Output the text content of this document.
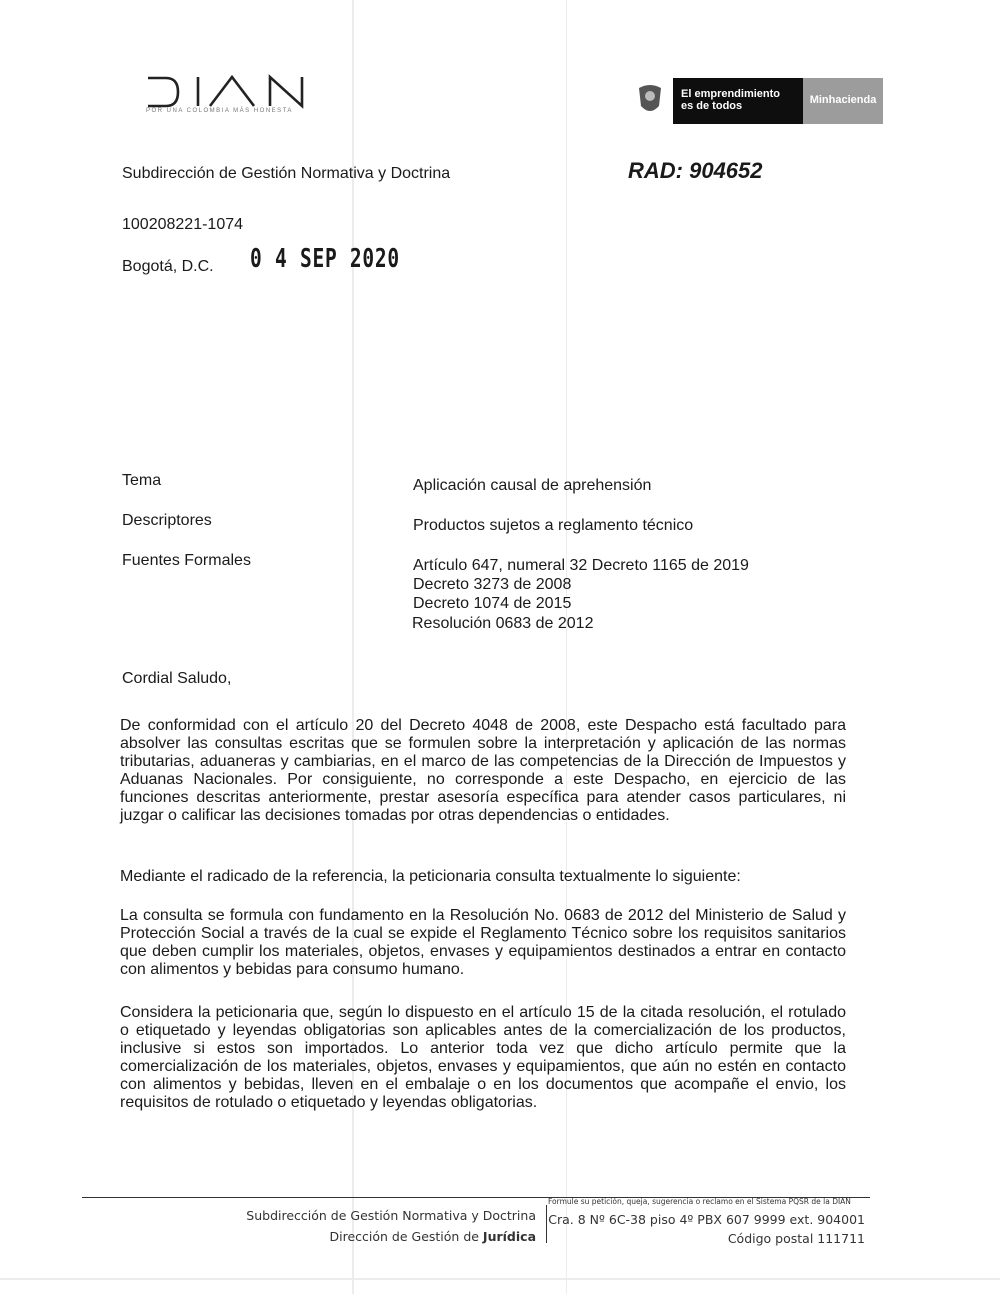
POR UNA COLOMBIA MÁS HONESTA
El emprendimiento
es de todos	Minhacienda
Subdirección de Gestión Normativa y Doctrina	RAD: 904652
100208221-1074
Bogotá, D.C. 0 4 SEP 2020
Tema	Aplicación causal de aprehensión
Descriptores	Productos sujetos a reglamento técnico
Fuentes Formales	Artículo 647, numeral 32 Decreto 1165 de 2019
Decreto 3273 de 2008
Decreto 1074 de 2015
Resolución 0683 de 2012
Cordial Saludo,
De conformidad con el artículo 20 del Decreto 4048 de 2008, este Despacho está facultado para absolver las consultas escritas que se formulen sobre la interpretación y aplicación de las normas tributarias, aduaneras y cambiarias, en el marco de las competencias de la Dirección de Impuestos y Aduanas Nacionales. Por consiguiente, no corresponde a este Despacho, en ejercicio de las funciones descritas anteriormente, prestar asesoría específica para atender casos particulares, ni juzgar o calificar las decisiones tomadas por otras dependencias o entidades.
Mediante el radicado de la referencia, la peticionaria consulta textualmente lo siguiente:
La consulta se formula con fundamento en la Resolución No. 0683 de 2012 del Ministerio de Salud y Protección Social a través de la cual se expide el Reglamento Técnico sobre los requisitos sanitarios que deben cumplir los materiales, objetos, envases y equipamientos destinados a entrar en contacto con alimentos y bebidas para consumo humano.
Considera la peticionaria que, según lo dispuesto en el artículo 15 de la citada resolución, el rotulado o etiquetado y leyendas obligatorias son aplicables antes de la comercialización de los productos, inclusive si estos son importados. Lo anterior toda vez que dicho artículo permite que la comercialización de los materiales, objetos, envases y equipamientos, que aún no estén en contacto con alimentos y bebidas, lleven en el embalaje o en los documentos que acompañe el envio, los requisitos de rotulado o etiquetado y leyendas obligatorias.
Formule su petición, queja, sugerencia o reclamo en el Sistema PQSR de la DIAN
Subdirección de Gestión Normativa y Doctrina
Dirección de Gestión de Jurídica
Cra. 8 Nº 6C-38 piso 4º PBX 607 9999 ext. 904001
Código postal 111711
